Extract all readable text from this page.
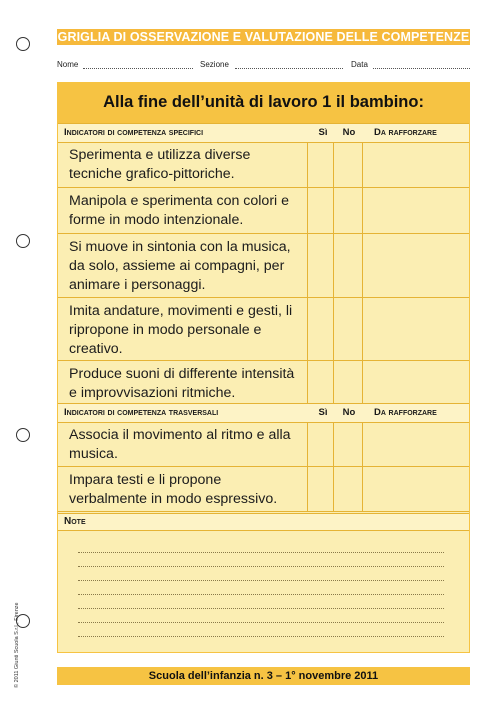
© 2011 Giunti Scuola S.r.l., Firenze
GRIGLIA DI OSSERVAZIONE E VALUTAZIONE DELLE COMPETENZE
Nome	Sezione	Data
Alla fine dell’unità di lavoro 1 il bambino:
Indicatori di competenza specifici	Sì	No	Da rafforzare
Sperimenta e utilizza diverse tecniche grafico-pittoriche.
Manipola e sperimenta con colori e forme in modo intenzionale.
Si muove in sintonia con la musica, da solo, assieme ai compagni, per animare i personaggi.
Imita andature, movimenti e gesti, li ripropone in modo personale e creativo.
Produce suoni di differente intensità e improvvisazioni ritmiche.
Indicatori di competenza trasversali	Sì	No	Da rafforzare
Associa il movimento al ritmo e alla musica.
Impara testi e li propone verbalmente in modo espressivo.
Note
Scuola dell’infanzia n. 3 – 1° novembre 2011
